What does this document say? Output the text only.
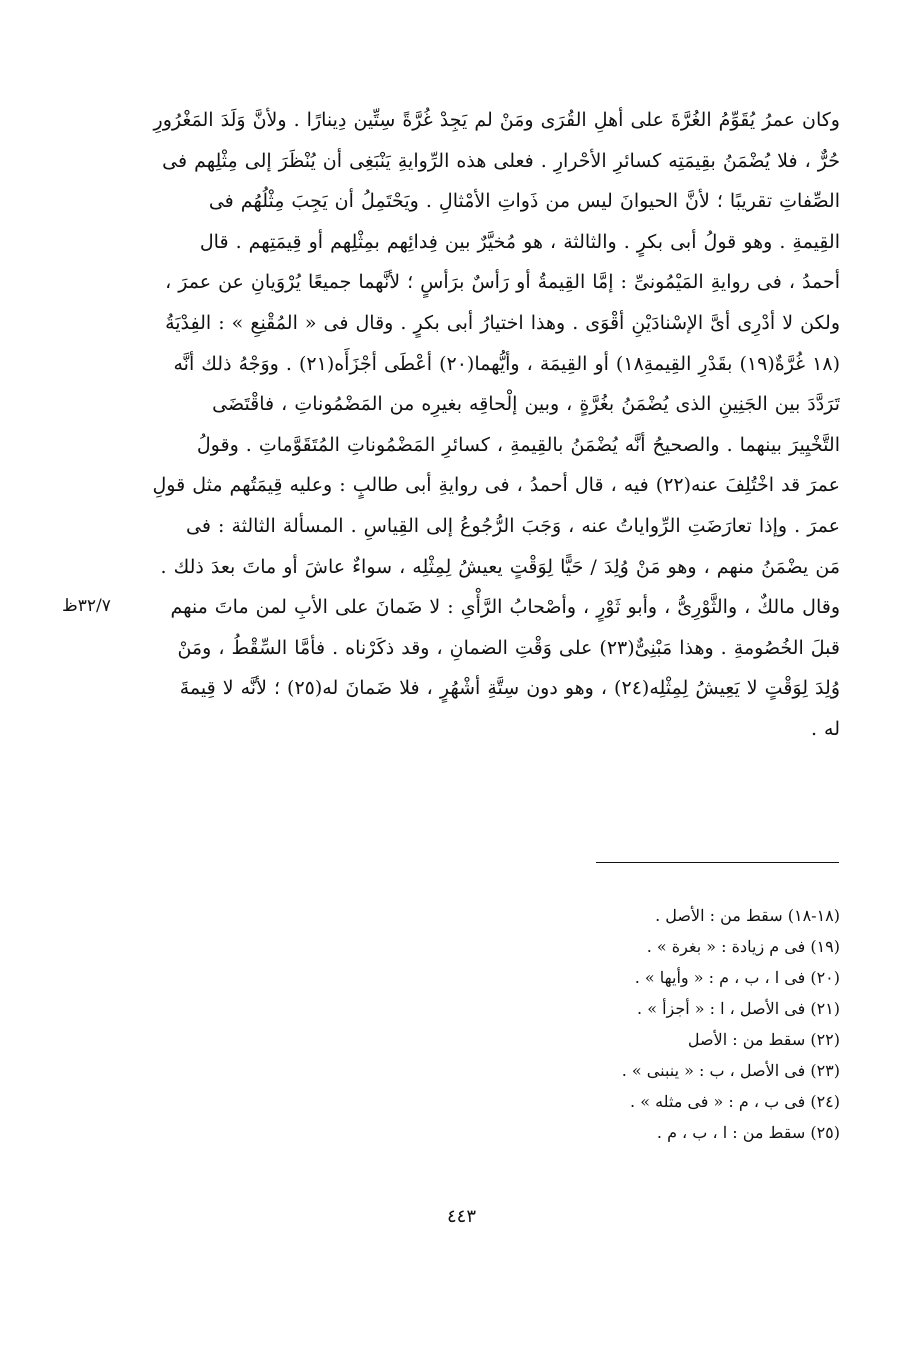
وكان عمرُ يُقَوِّمُ الغُرَّةَ على أهلِ القُرَى ومَنْ لم يَجِدْ غُرَّةً سِتِّين دِينارًا . ولأنَّ وَلَدَ المَغْرُورِ
حُرٌّ ، فلا يُضْمَنُ بقِيمَتِه كسائرِ الأحْرارِ . فعلى هذه الرِّوايةِ يَنْبَغِى أن يُنْظَرَ إلى مِثْلِهم فى
الصِّفاتِ تقريبًا ؛ لأنَّ الحيوانَ ليس من ذَواتِ الأمْثالِ . ويَحْتَمِلُ أن يَجِبَ مِثْلُهُم فى
القِيمةِ . وهو قولُ أبى بكرٍ . والثالثة ، هو مُخيَّرٌ بين فِدائِهم بمِثْلِهم أو قِيمَتِهم . قال
أحمدُ ، فى روايةِ المَيْمُونىِّ : إمَّا القِيمةُ أو رَأسٌ برَأسٍ ؛ لأنَّهما جميعًا يُرْوَيانِ عن عمرَ ،
ولكن لا أدْرِى أىَّ الإسْنادَيْنِ أقْوَى . وهذا اختيارُ أبى بكرٍ . وقال فى « المُقْنِعِ » : الفِدْيَةُ
(١٨ غُرَّةٌ(١٩) بقَدْرِ القِيمةِ١٨) أو القِيمَة ، وأيُّهما(٢٠) أعْطَى أجْزَأَه(٢١) . ووَجْهُ ذلك أنَّه
تَرَدَّدَ بين الجَنِينِ الذى يُضْمَنُ بغُرَّةٍ ، وبين إلْحاقِه بغيرِه من المَضْمُوناتِ ، فاقْتَضَى
التَّخْيِيرَ بينهما . والصحيحُ أنَّه يُضْمَنُ بالقِيمةِ ، كسائرِ المَضْمُوناتِ المُتَقَوَّماتِ . وقولُ
عمرَ قد اخْتُلِفَ عنه(٢٢) فيه ، قال أحمدُ ، فى روايةِ أبى طالبٍ : وعليه قِيمَتُهم مثل قولِ
عمرَ . وإذا تعارَضَتِ الرِّواياتُ عنه ، وَجَبَ الرُّجُوعُ إلى القِياسِ . المسألة الثالثة : فى
مَن يضْمَنُ منهم ، وهو مَنْ وُلِدَ / حَيًّا لِوَقْتٍ يعيشُ لِمِثْلِه ، سواءٌ عاشَ أو ماتَ بعدَ ذلك .
وقال مالكٌ ، والثَّوْرِىُّ ، وأبو ثَوْرٍ ، وأصْحابُ الرَّأْىِ : لا ضَمانَ على الأبِ لمن ماتَ منهم
قبلَ الخُصُومةِ . وهذا مَبْنِىٌّ(٢٣) على وَقْتِ الضمانِ ، وقد ذكَرْناه . فأمَّا السِّقْطُ ، ومَنْ
وُلِدَ لِوَقْتٍ لا يَعِيشُ لِمِثْلِه(٢٤) ، وهو دون سِتَّةِ أشْهُرٍ ، فلا ضَمانَ له(٢٥) ؛ لأنَّه لا قِيمةَ
له .
٣٢/٧ظ
(١٨-١٨) سقط من : الأصل .
(١٩) فى م زيادة : « بغرة » .
(٢٠) فى ا ، ب ، م : « وأيها » .
(٢١) فى الأصل ، ا : « أجزأ » .
(٢٢) سقط من : الأصل
(٢٣) فى الأصل ، ب : « ينبنى » .
(٢٤) فى ب ، م : « فى مثله » .
(٢٥) سقط من : ا ، ب ، م .
٤٤٣
